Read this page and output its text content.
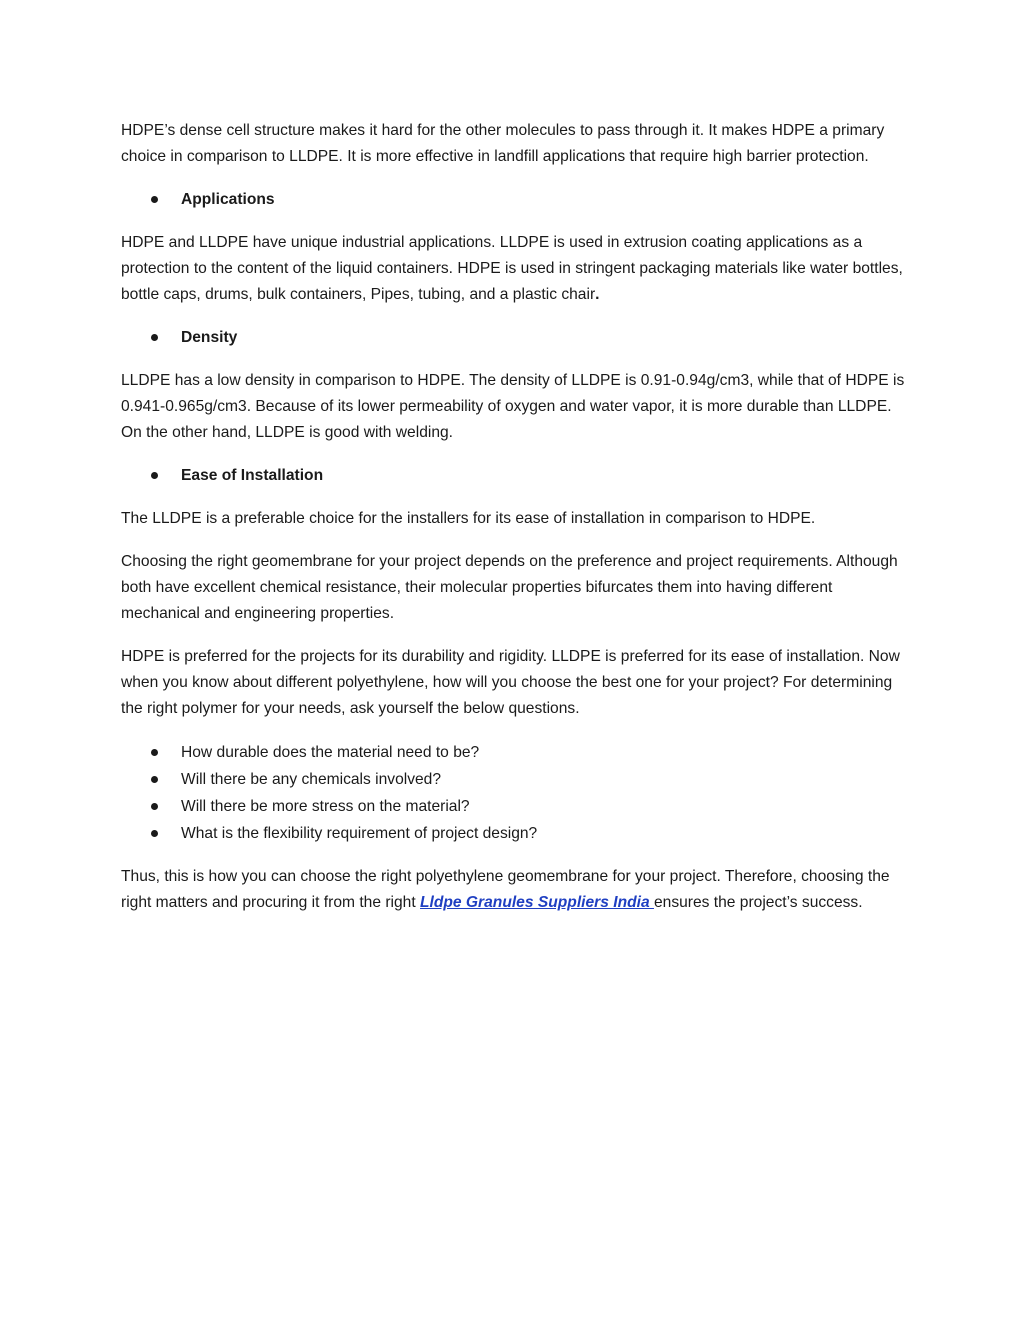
HDPE’s dense cell structure makes it hard for the other molecules to pass through it. It makes HDPE a primary choice in comparison to LLDPE. It is more effective in landfill applications that require high barrier protection.

Applications

HDPE and LLDPE have unique industrial applications. LLDPE is used in extrusion coating applications as a protection to the content of the liquid containers. HDPE is used in stringent packaging materials like water bottles, bottle caps, drums, bulk containers, Pipes, tubing, and a plastic chair.

Density

LLDPE has a low density in comparison to HDPE. The density of LLDPE is 0.91-0.94g/cm3, while that of HDPE is 0.941-0.965g/cm3. Because of its lower permeability of oxygen and water vapor, it is more durable than LLDPE. On the other hand, LLDPE is good with welding.

Ease of Installation

The LLDPE is a preferable choice for the installers for its ease of installation in comparison to HDPE.

Choosing the right geomembrane for your project depends on the preference and project requirements. Although both have excellent chemical resistance, their molecular properties bifurcates them into having different mechanical and engineering properties.

HDPE is preferred for the projects for its durability and rigidity. LLDPE is preferred for its ease of installation. Now when you know about different polyethylene, how will you choose the best one for your project? For determining the right polymer for your needs, ask yourself the below questions.

How durable does the material need to be?
Will there be any chemicals involved?
Will there be more stress on the material?
What is the flexibility requirement of project design?

Thus, this is how you can choose the right polyethylene geomembrane for your project. Therefore, choosing the right matters and procuring it from the right Lldpe Granules Suppliers India ensures the project’s success.
